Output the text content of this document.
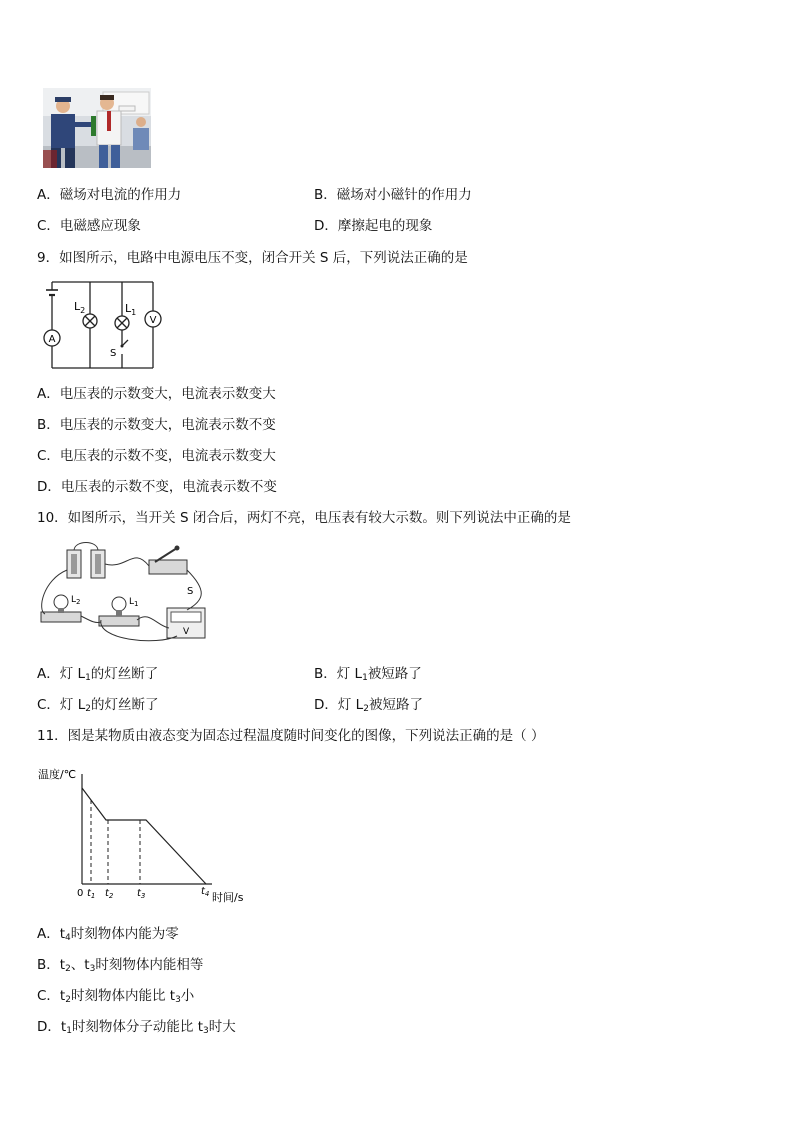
A．磁场对电流的作用力	B．磁场对小磁针的作用力
C．电磁感应现象	D．摩擦起电的现象
9．如图所示，电路中电源电压不变，闭合开关 S 后，下列说法正确的是
A
V
$L_2$	$L_1$
S
A．电压表的示数变大，电流表示数变大
B．电压表的示数变大，电流表示数不变
C．电压表的示数不变，电流表示数变大
D．电压表的示数不变，电流表示数不变
10．如图所示，当开关 S 闭合后，两灯不亮，电压表有较大示数。则下列说法中正确的是
$L_2$	$L_1$
S
V
A．灯 $L_1$的灯丝断了	B．灯 $L_1$被短路了
C．灯 $L_2$的灯丝断了	D．灯 $L_2$被短路了
11．图是某物质由液态变为固态过程温度随时间变化的图像，下列说法正确的是（ ）
温度/℃
0 $t_1$ $t_2$ $t_3$	$t_4$ 时间/s
A．$t_4$时刻物体内能为零
B．$t_2$、$t_3$时刻物体内能相等
C．$t_2$时刻物体内能比 $t_3$小
D．$t_1$时刻物体分子动能比 $t_3$时大
